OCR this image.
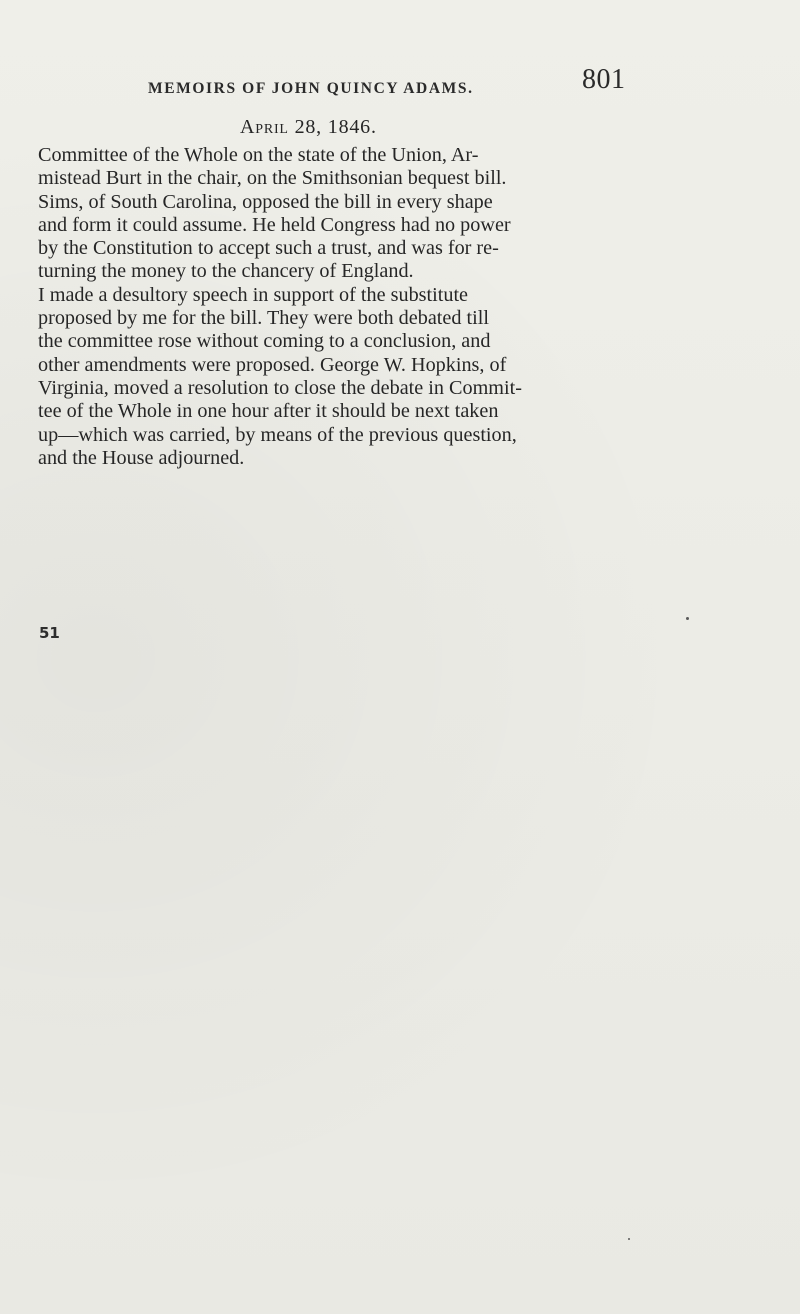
MEMOIRS OF JOHN QUINCY ADAMS.	801
April 28, 1846.
Committee of the Whole on the state of the Union, Ar-
mistead Burt in the chair, on the Smithsonian bequest bill.
Sims, of South Carolina, opposed the bill in every shape
and form it could assume. He held Congress had no power
by the Constitution to accept such a trust, and was for re-
turning the money to the chancery of England.
I made a desultory speech in support of the substitute
proposed by me for the bill. They were both debated till
the committee rose without coming to a conclusion, and
other amendments were proposed. George W. Hopkins, of
Virginia, moved a resolution to close the debate in Commit-
tee of the Whole in one hour after it should be next taken
up—which was carried, by means of the previous question,
and the House adjourned.
51
